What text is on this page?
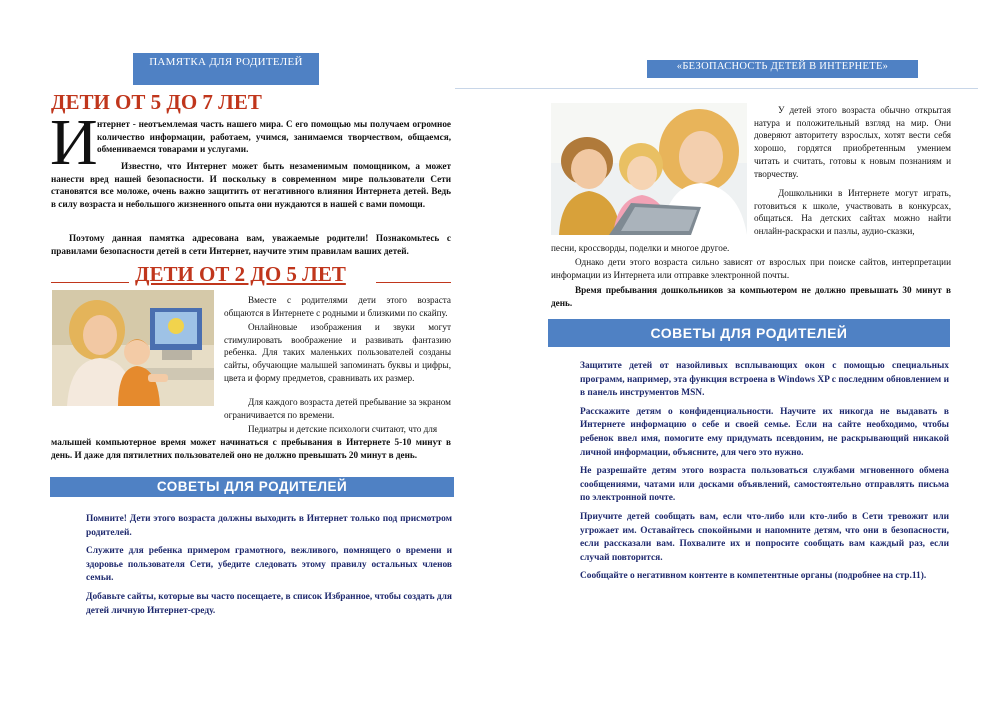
ПАМЯТКА ДЛЯ РОДИТЕЛЕЙ
ДЕТИ ОТ 5 ДО 7 ЛЕТ
И нтернет - неотъемлемая часть нашего мира. С его помощью мы получаем огромное количество информации, работаем, учимся, занимаемся творчеством, общаемся, обмениваемся товарами и услугами.

Известно, что Интернет может быть незаменимым помощником, а может нанести вред нашей безопасности. И поскольку в современном мире пользователи Сети становятся все моложе, очень важно защитить от негативного влияния Интернета детей. Ведь в силу возраста и небольшого жизненного опыта они нуждаются в нашей с вами помощи.

Поэтому данная памятка адресована вам, уважаемые родители! Познакомьтесь с правилами безопасности детей в сети Интернет, научите этим правилам ваших детей.

ДЕТИ ОТ 2 ДО 5 ЛЕТ

Вместе с родителями дети этого возраста общаются в Интернете с родными и близкими по скайпу.

Онлайновые изображения и звуки могут стимулировать воображение и развивать фантазию ребенка. Для таких маленьких пользователей созданы сайты, обучающие малышей запоминать буквы и цифры, цвета и форму предметов, сравнивать их размер.

Для каждого возраста детей пребывание за экраном ограничивается по времени.

Педиатры и детские психологи считают, что для

малышей компьютерное время может начинаться с пребывания в Интернете 5-10 минут в день. И даже для пятилетних пользователей оно не должно превышать 20 минут в день.

СОВЕТЫ ДЛЯ РОДИТЕЛЕЙ

Помните! Дети этого возраста должны выходить в Интернет только под присмотром родителей.

Служите для ребенка примером грамотного, вежливого, помнящего о времени и здоровье пользователя Сети, убедите следовать этому правилу остальных членов семьи.

Добавьте сайты, которые вы часто посещаете, в список Избранное, чтобы создать для детей личную Интернет-среду.

«БЕЗОПАСНОСТЬ ДЕТЕЙ В ИНТЕРНЕТЕ»

У детей этого возраста обычно открытая натура и положительный взгляд на мир. Они доверяют авторитету взрослых, хотят вести себя хорошо, гордятся приобретенным умением читать и считать, готовы к новым познаниям и творчеству.

Дошкольники в Интернете могут играть, готовиться к школе, участвовать в конкурсах, общаться. На детских сайтах можно найти онлайн-раскраски и пазлы, аудио-сказки,

песни, кроссворды, поделки и многое другое.

Однако дети этого возраста сильно зависят от взрослых при поиске сайтов, интерпретации информации из Интернета или отправке электронной почты.

Время пребывания дошкольников за компьютером не должно превышать 30 минут в день.

СОВЕТЫ ДЛЯ РОДИТЕЛЕЙ

Защитите детей от назойливых всплывающих окон с помощью специальных программ, например, эта функция встроена в Windows XP с последним обновлением и в панель инструментов MSN.

Расскажите детям о конфиденциальности. Научите их никогда не выдавать в Интернете информацию о себе и своей семье. Если на сайте необходимо, чтобы ребенок ввел имя, помогите ему придумать псевдоним, не раскрывающий никакой личной информации, объясните, для чего это нужно.

Не разрешайте детям этого возраста пользоваться службами мгновенного обмена сообщениями, чатами или досками объявлений, самостоятельно отправлять письма по электронной почте.

Приучите детей сообщать вам, если что-либо или кто-либо в Сети тревожит или угрожает им. Оставайтесь спокойными и напомните детям, что они в безопасности, если рассказали вам. Похвалите их и попросите сообщать вам каждый раз, если случай повторится.

Сообщайте о негативном контенте в компетентные органы (подробнее на стр.11).
